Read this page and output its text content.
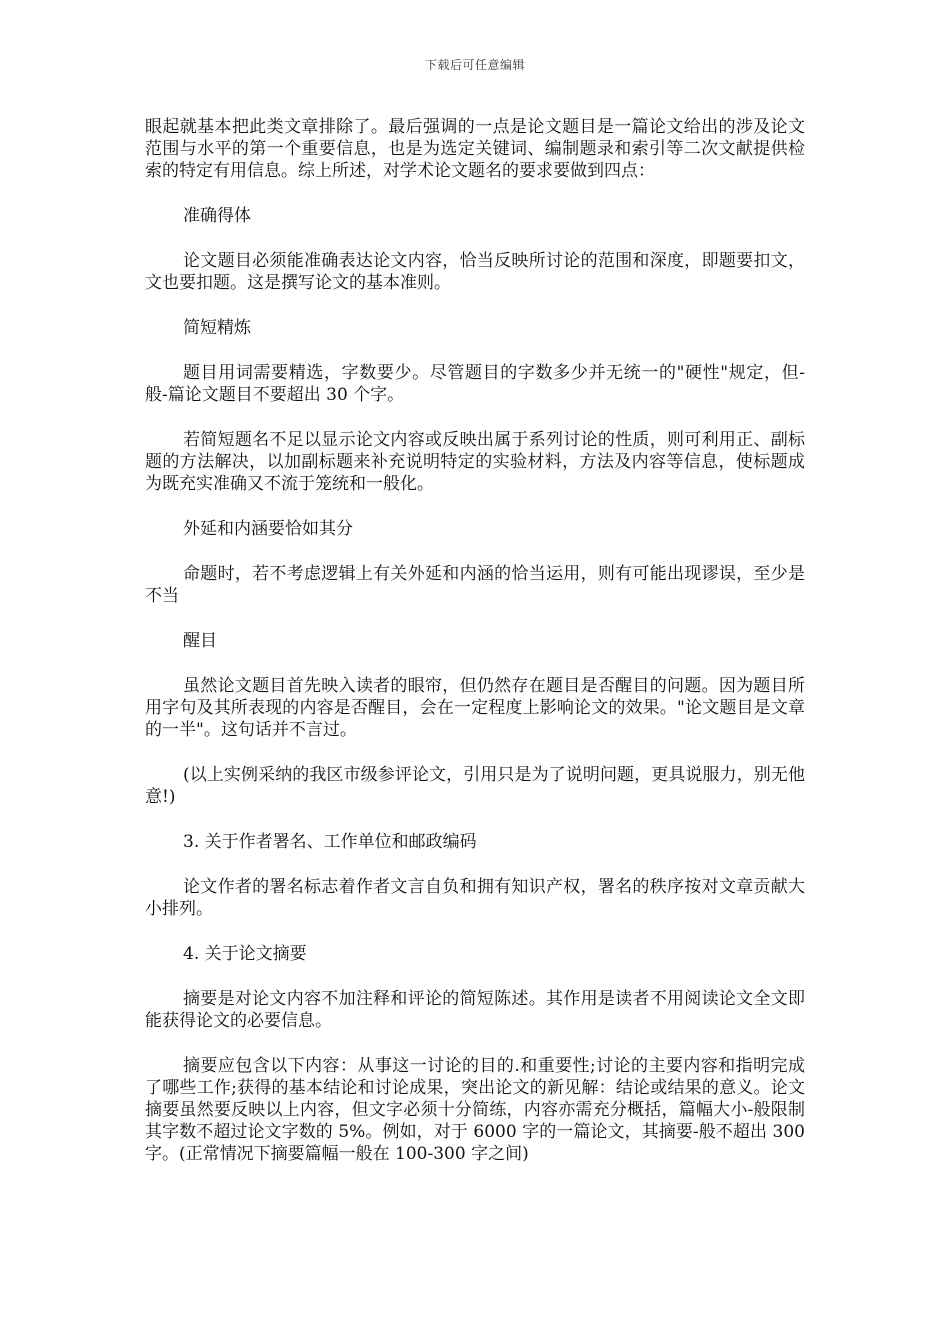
下载后可任意编辑

眼起就基本把此类文章排除了。最后强调的一点是论文题目是一篇论文给出的涉及论文范围与水平的第一个重要信息，也是为选定关键词、编制题录和索引等二次文献提供检索的特定有用信息。综上所述，对学术论文题名的要求要做到四点：

准确得体

论文题目必须能准确表达论文内容，恰当反映所讨论的范围和深度，即题要扣文，文也要扣题。这是撰写论文的基本准则。

简短精炼

题目用词需要精选，字数要少。尽管题目的字数多少并无统一的"硬性"规定，但-般-篇论文题目不要超出 30 个字。

若简短题名不足以显示论文内容或反映出属于系列讨论的性质，则可利用正、副标题的方法解决，以加副标题来补充说明特定的实验材料，方法及内容等信息，使标题成为既充实准确又不流于笼统和一般化。

外延和内涵要恰如其分

命题时，若不考虑逻辑上有关外延和内涵的恰当运用，则有可能出现谬误，至少是不当

醒目

虽然论文题目首先映入读者的眼帘，但仍然存在题目是否醒目的问题。因为题目所用字句及其所表现的内容是否醒目，会在一定程度上影响论文的效果。"论文题目是文章的一半"。这句话并不言过。

(以上实例采纳的我区市级参评论文，引用只是为了说明问题，更具说服力，别无他意!)

3. 关于作者署名、工作单位和邮政编码

论文作者的署名标志着作者文言自负和拥有知识产权，署名的秩序按对文章贡献大小排列。

4. 关于论文摘要

摘要是对论文内容不加注释和评论的简短陈述。其作用是读者不用阅读论文全文即能获得论文的必要信息。

摘要应包含以下内容：从事这一讨论的目的.和重要性;讨论的主要内容和指明完成了哪些工作;获得的基本结论和讨论成果，突出论文的新见解：结论或结果的意义。论文摘要虽然要反映以上内容，但文字必须十分简练，内容亦需充分概括，篇幅大小-般限制其字数不超过论文字数的 5%。例如，对于 6000 字的一篇论文，其摘要-般不超出 300 字。(正常情况下摘要篇幅一般在 100-300 字之间)
